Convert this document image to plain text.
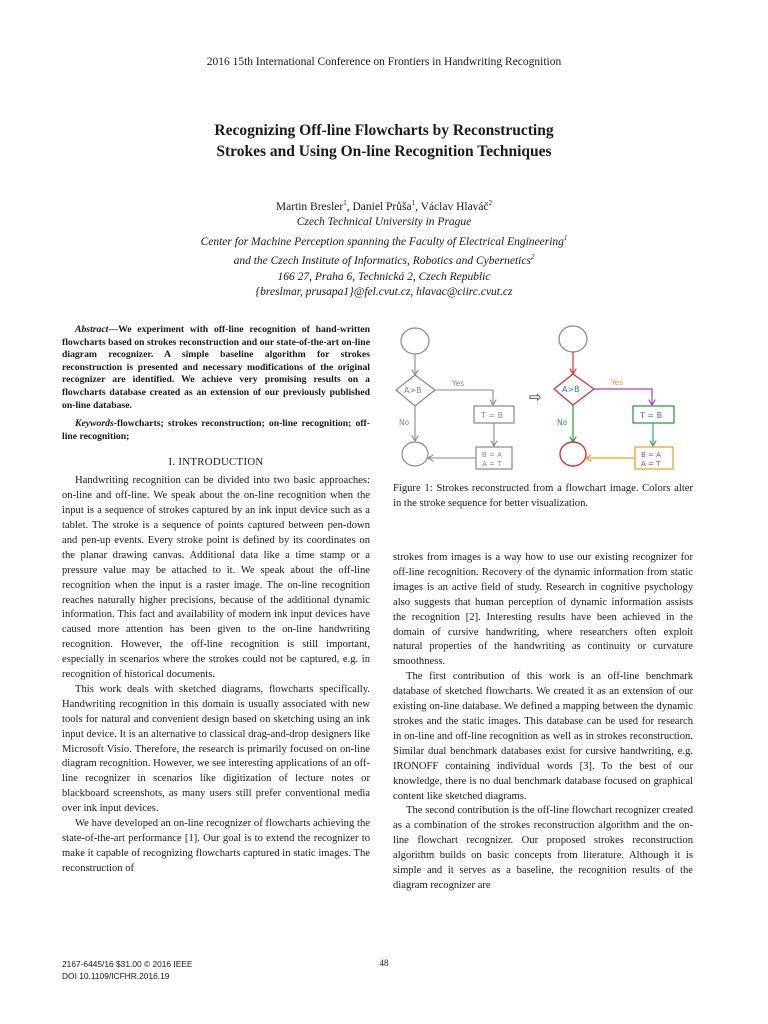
2016 15th International Conference on Frontiers in Handwriting Recognition
Recognizing Off-line Flowcharts by Reconstructing
Strokes and Using On-line Recognition Techniques
Martin Bresler$^1$, Daniel Průša$^1$, Václav Hlaváč$^2$
Czech Technical University in Prague
Center for Machine Perception spanning the Faculty of Electrical Engineering$^1$
and the Czech Institute of Informatics, Robotics and Cybernetics$^2$
166 27, Praha 6, Technická 2, Czech Republic
{breslmar, prusapa1}@fel.cvut.cz, hlavac@ciirc.cvut.cz

Abstract—We experiment with off-line recognition of hand-written flowcharts based on strokes reconstruction and our state-of-the-art on-line diagram recognizer. A simple baseline algorithm for strokes reconstruction is presented and necessary modifications of the original recognizer are identified. We achieve very promising results on a flowcharts database created as an extension of our previously published on-line database.

Keywords-flowcharts; strokes reconstruction; on-line recognition; off-line recognition;

I. INTRODUCTION

Handwriting recognition can be divided into two basic approaches: on-line and off-line. We speak about the on-line recognition when the input is a sequence of strokes captured by an ink input device such as a tablet. The stroke is a sequence of points captured between pen-down and pen-up events. Every stroke point is defined by its coordinates on the planar drawing canvas. Additional data like a time stamp or a pressure value may be attached to it. We speak about the off-line recognition when the input is a raster image. The on-line recognition reaches naturally higher precisions, because of the additional dynamic information. This fact and availability of modern ink input devices have caused more attention has been given to the on-line handwriting recognition. However, the off-line recognition is still important, especially in scenarios where the strokes could not be captured, e.g. in recognition of historical documents.

This work deals with sketched diagrams, flowcharts specifically. Handwriting recognition in this domain is usually associated with new tools for natural and convenient design based on sketching using an ink input device. It is an alternative to classical drag-and-drop designers like Microsoft Visio. Therefore, the research is primarily focused on on-line diagram recognition. However, we see interesting applications of an off-line recognizer in scenarios like digitization of lecture notes or blackboard screenshots, as many users still prefer conventional media over ink input devices.

We have developed an on-line recognizer of flowcharts achieving the state-of-the-art performance [1]. Our goal is to extend the recognizer to make it capable of recognizing flowcharts captured in static images. The reconstruction of

A>B
Yes
T = B
B = A
A = T
No
⇨	A>B
Yes
T = B
B = A
A = T
No
Figure 1: Strokes reconstructed from a flowchart image. Colors alter in the stroke sequence for better visualization.

strokes from images is a way how to use our existing recognizer for off-line recognition. Recovery of the dynamic information from static images is an active field of study. Research in cognitive psychology also suggests that human perception of dynamic information assists the recognition [2]. Interesting results have been achieved in the domain of cursive handwriting, where researchers often exploit natural properties of the handwriting as continuity or curvature smoothness.

The first contribution of this work is an off-line benchmark database of sketched flowcharts. We created it as an extension of our existing on-line database. We defined a mapping between the dynamic strokes and the static images. This database can be used for research in on-line and off-line recognition as well as in strokes reconstruction. Similar dual benchmark databases exist for cursive handwriting, e.g. IRONOFF containing individual words [3]. To the best of our knowledge, there is no dual benchmark database focused on graphical content like sketched diagrams.

The second contribution is the off-line flowchart recognizer created as a combination of the strokes reconstruction algorithm and the on-line flowchart recognizer. Our proposed strokes reconstruction algorithm builds on basic concepts from literature. Although it is simple and it serves as a baseline, the recognition results of the diagram recognizer are

2167-6445/16 $31.00 © 2016 IEEE
DOI 10.1109/ICFHR.2016.19
48
